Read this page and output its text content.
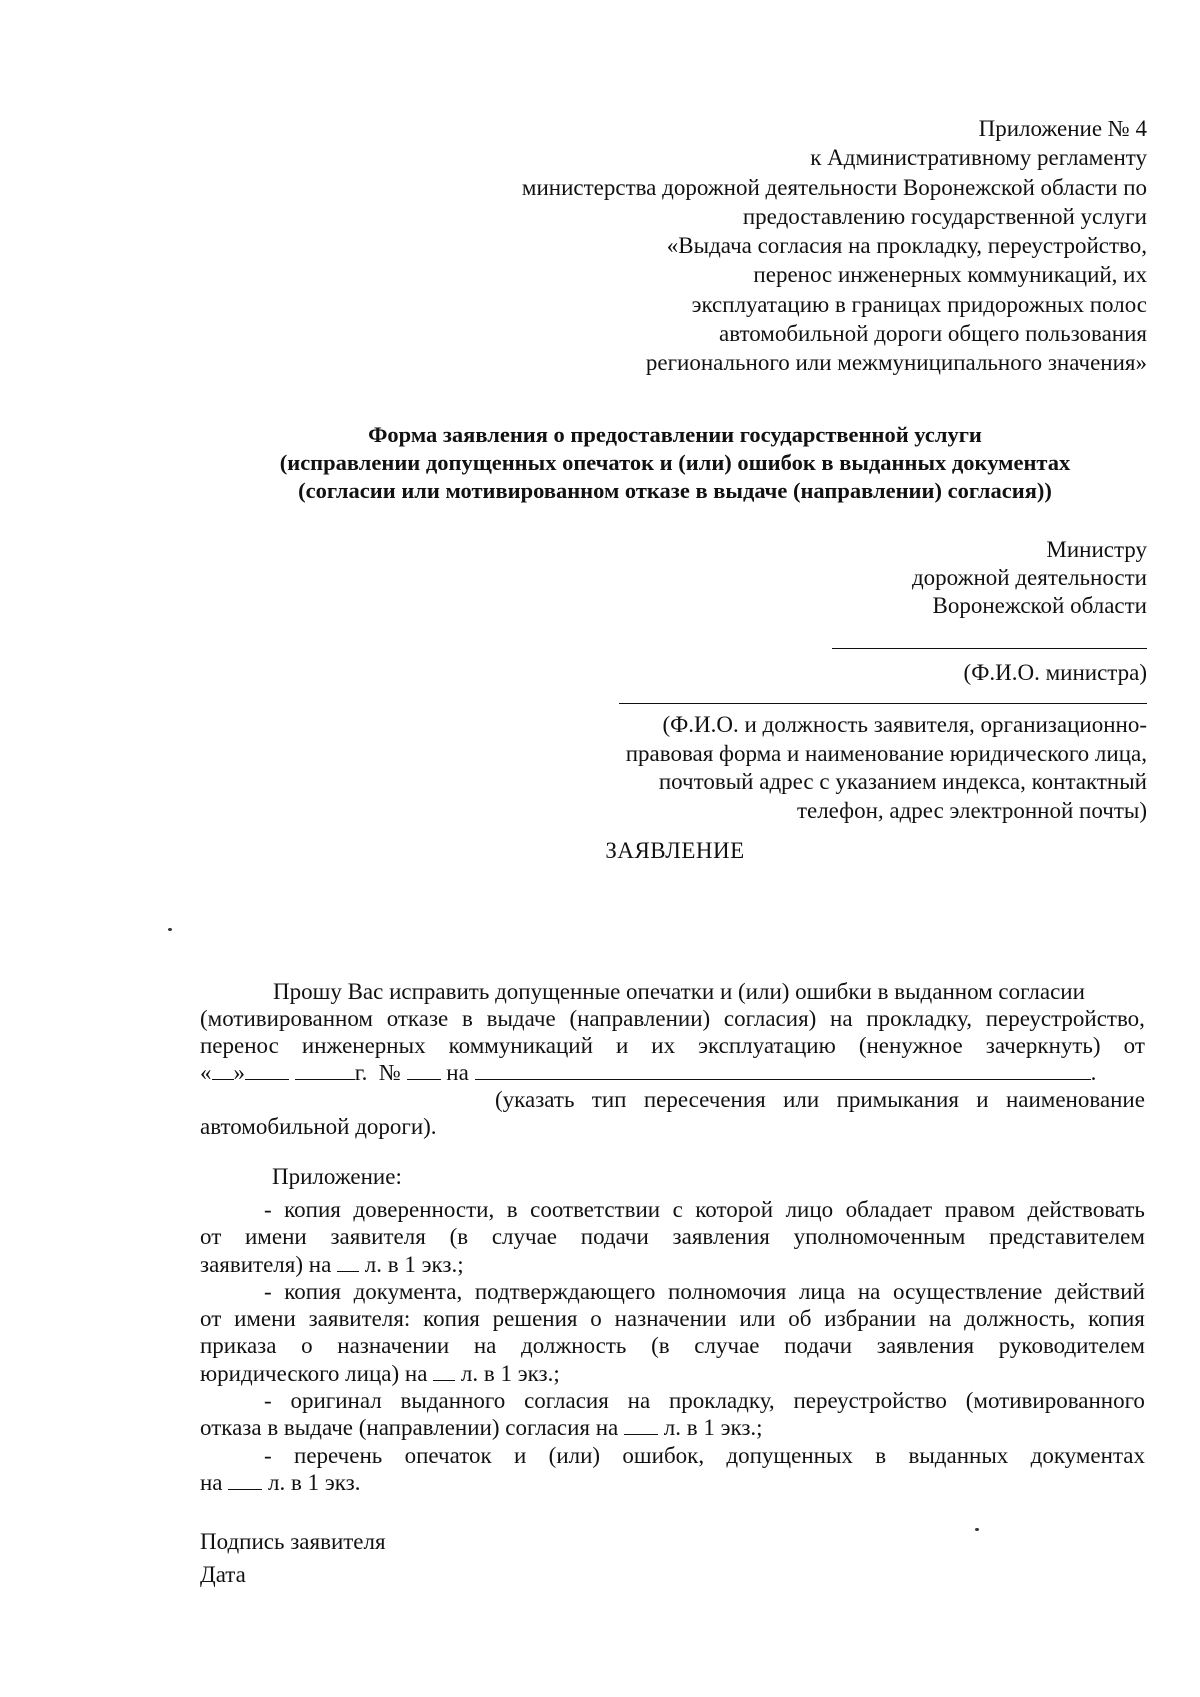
Приложение № 4
к Административному регламенту
министерства дорожной деятельности Воронежской области по
предоставлению государственной услуги
«Выдача согласия на прокладку, переустройство,
перенос инженерных коммуникаций, их
эксплуатацию в границах придорожных полос
автомобильной дороги общего пользования
регионального или межмуниципального значения»
Форма заявления о предоставлении государственной услуги
(исправлении допущенных опечаток и (или) ошибок в выданных документах
(согласии или мотивированном отказе в выдаче (направлении) согласия))
Министру
дорожной деятельности
Воронежской области
(Ф.И.О. министра)
(Ф.И.О. и должность заявителя, организационно-
правовая форма и наименование юридического лица,
почтовый адрес с указанием индекса, контактный
телефон, адрес электронной почты)
ЗАЯВЛЕНИЕ
Прошу Вас исправить допущенные опечатки и (или) ошибки в выданном согласии
(мотивированном отказе в выдаче (направлении) согласия) на прокладку, переустройство,
перенос инженерных коммуникаций и их эксплуатацию (ненужное зачеркнуть) от
« »	г. № на	.
(указать тип пересечения или примыкания и наименование
автомобильной дороги).
Приложение:
- копия доверенности, в соответствии с которой лицо обладает правом действовать
от имени заявителя (в случае подачи заявления уполномоченным представителем
заявителя) на л. в 1 экз.;
- копия документа, подтверждающего полномочия лица на осуществление действий
от имени заявителя: копия решения о назначении или об избрании на должность, копия
приказа о назначении на должность (в случае подачи заявления руководителем
юридического лица) на л. в 1 экз.;
- оригинал выданного согласия на прокладку, переустройство (мотивированного
отказа в выдаче (направлении) согласия на л. в 1 экз.;
- перечень опечаток и (или) ошибок, допущенных в выданных документах
на л. в 1 экз.
Подпись заявителя
Дата
